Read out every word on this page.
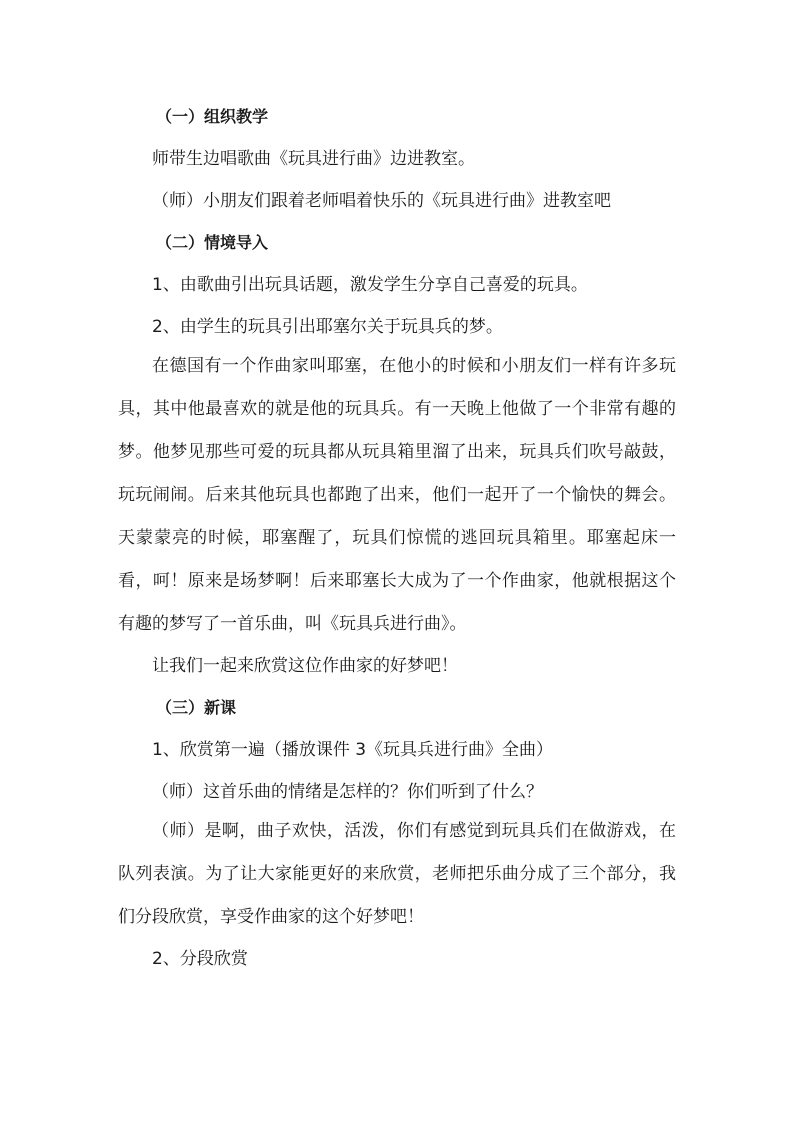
（一）组织教学

师带生边唱歌曲《玩具进行曲》边进教室。

（师）小朋友们跟着老师唱着快乐的《玩具进行曲》进教室吧

（二）情境导入

1、由歌曲引出玩具话题，激发学生分享自己喜爱的玩具。

2、由学生的玩具引出耶塞尔关于玩具兵的梦。

在德国有一个作曲家叫耶塞，在他小的时候和小朋友们一样有许多玩具，其中他最喜欢的就是他的玩具兵。有一天晚上他做了一个非常有趣的梦。他梦见那些可爱的玩具都从玩具箱里溜了出来，玩具兵们吹号敲鼓，玩玩闹闹。后来其他玩具也都跑了出来，他们一起开了一个愉快的舞会。天蒙蒙亮的时候，耶塞醒了，玩具们惊慌的逃回玩具箱里。耶塞起床一看，呵！原来是场梦啊！后来耶塞长大成为了一个作曲家，他就根据这个有趣的梦写了一首乐曲，叫《玩具兵进行曲》。

让我们一起来欣赏这位作曲家的好梦吧！

（三）新课

1、欣赏第一遍（播放课件 3《玩具兵进行曲》全曲）

（师）这首乐曲的情绪是怎样的？你们听到了什么？

（师）是啊，曲子欢快，活泼，你们有感觉到玩具兵们在做游戏，在队列表演。为了让大家能更好的来欣赏，老师把乐曲分成了三个部分，我们分段欣赏，享受作曲家的这个好梦吧！

2、分段欣赏
